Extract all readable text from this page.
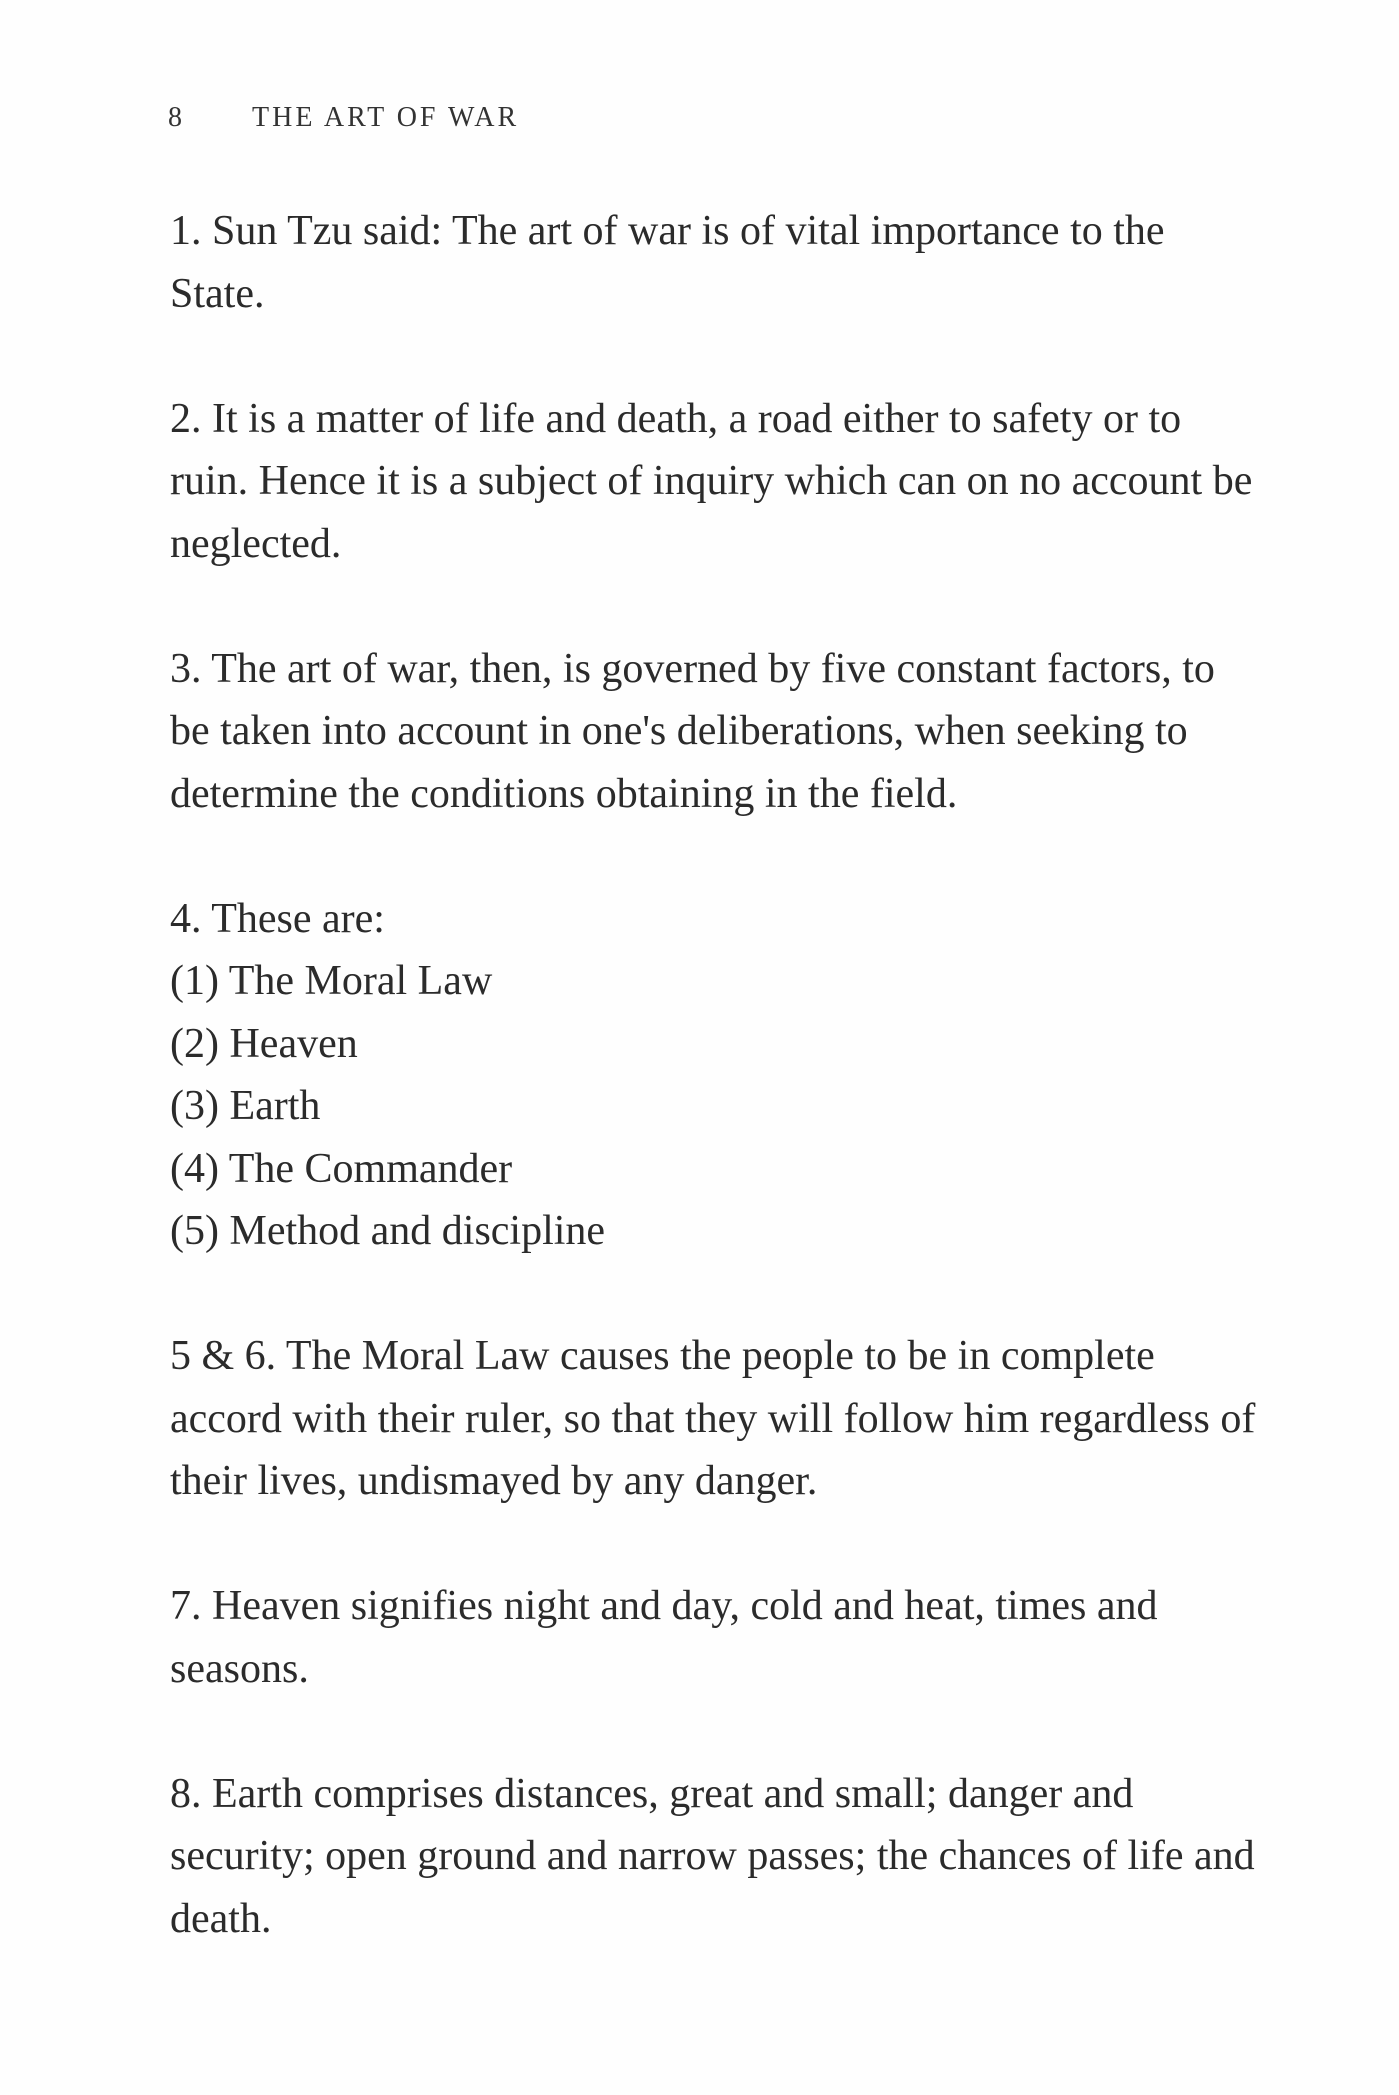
8	THE ART OF WAR

1. Sun Tzu said: The art of war is of vital importance to the State.

2. It is a matter of life and death, a road either to safety or to ruin. Hence it is a subject of inquiry which can on no account be neglected.

3. The art of war, then, is governed by five constant factors, to be taken into account in one's deliberations, when seeking to determine the conditions obtaining in the field.

4. These are:
(1) The Moral Law
(2) Heaven
(3) Earth
(4) The Commander
(5) Method and discipline

5 & 6. The Moral Law causes the people to be in complete accord with their ruler, so that they will follow him regardless of their lives, undismayed by any danger.

7. Heaven signifies night and day, cold and heat, times and seasons.

8. Earth comprises distances, great and small; danger and security; open ground and narrow passes; the chances of life and death.
